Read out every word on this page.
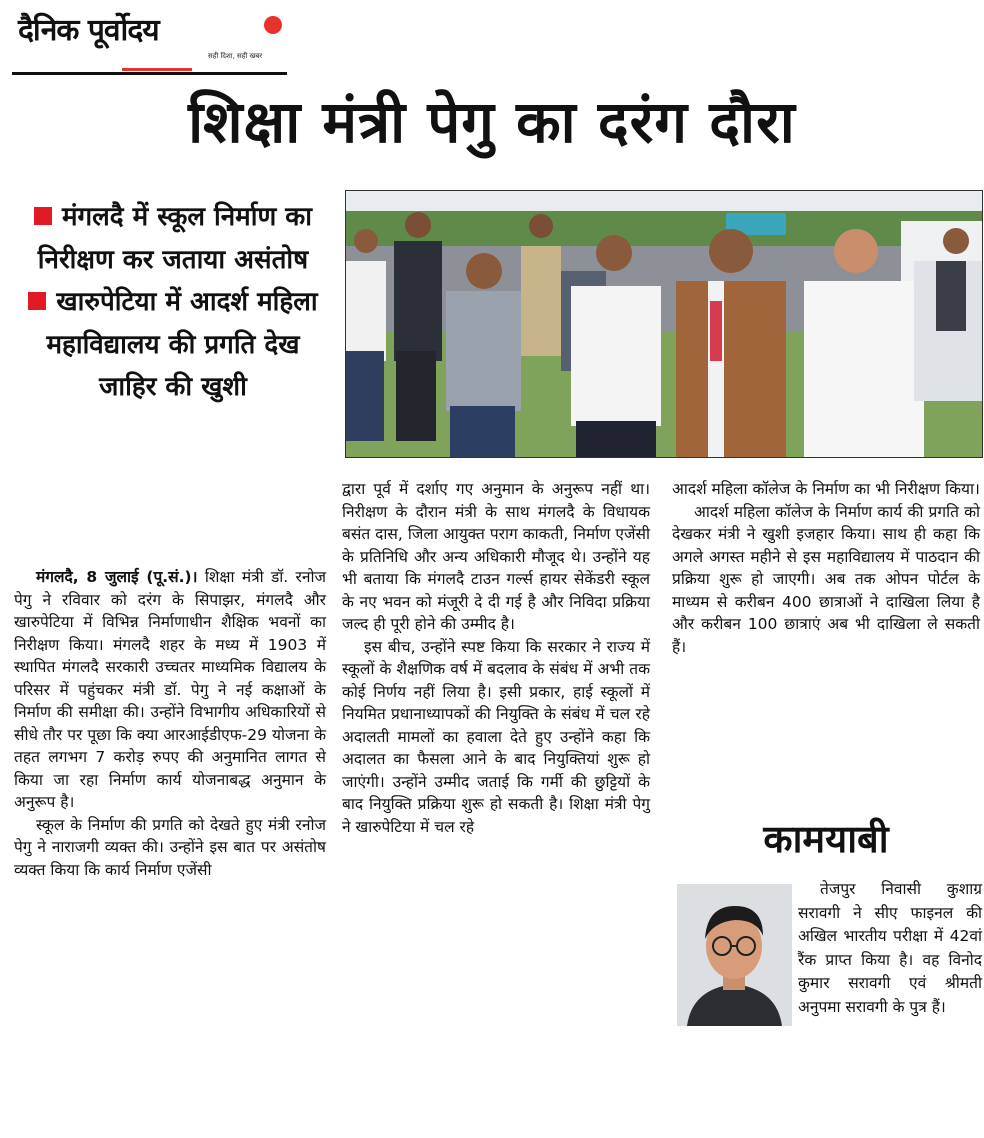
दैनिक पूर्वोदय
सही दिशा, सही खबर
शिक्षा मंत्री पेगु का दरंग दौरा

मंगलदै में स्कूल निर्माण का निरीक्षण कर जताया असंतोष

खारुपेटिया में आदर्श महिला महाविद्यालय की प्रगति देख जाहिर की खुशी

मंगलदै, 8 जुलाई (पू.सं.)। शिक्षा मंत्री डॉ. रनोज पेगु ने रविवार को दरंग के सिपाझर, मंगलदै और खारुपेटिया में विभिन्न निर्माणाधीन शैक्षिक भवनों का निरीक्षण किया। मंगलदै शहर के मध्य में 1903 में स्थापित मंगलदै सरकारी उच्चतर माध्यमिक विद्यालय के परिसर में पहुंचकर मंत्री डॉ. पेगु ने नई कक्षाओं के निर्माण की समीक्षा की। उन्होंने विभागीय अधिकारियों से सीधे तौर पर पूछा कि क्या आरआईडीएफ-29 योजना के तहत लगभग 7 करोड़ रुपए की अनुमानित लागत से किया जा रहा निर्माण कार्य योजनाबद्ध अनुमान के अनुरूप है।

स्कूल के निर्माण की प्रगति को देखते हुए मंत्री रनोज पेगु ने नाराजगी व्यक्त की। उन्होंने इस बात पर असंतोष व्यक्त किया कि कार्य निर्माण एजेंसी

द्वारा पूर्व में दर्शाए गए अनुमान के अनुरूप नहीं था। निरीक्षण के दौरान मंत्री के साथ मंगलदै के विधायक बसंत दास, जिला आयुक्त पराग काकती, निर्माण एजेंसी के प्रतिनिधि और अन्य अधिकारी मौजूद थे। उन्होंने यह भी बताया कि मंगलदै टाउन गर्ल्स हायर सेकेंडरी स्कूल के नए भवन को मंजूरी दे दी गई है और निविदा प्रक्रिया जल्द ही पूरी होने की उम्मीद है।

इस बीच, उन्होंने स्पष्ट किया कि सरकार ने राज्य में स्कूलों के शैक्षणिक वर्ष में बदलाव के संबंध में अभी तक कोई निर्णय नहीं लिया है। इसी प्रकार, हाई स्कूलों में नियमित प्रधानाध्यापकों की नियुक्ति के संबंध में चल रहे अदालती मामलों का हवाला देते हुए उन्होंने कहा कि अदालत का फैसला आने के बाद नियुक्तियां शुरू हो जाएंगी। उन्होंने उम्मीद जताई कि गर्मी की छुट्टियों के बाद नियुक्ति प्रक्रिया शुरू हो सकती है। शिक्षा मंत्री पेगु ने खारुपेटिया में चल रहे

आदर्श महिला कॉलेज के निर्माण का भी निरीक्षण किया।

आदर्श महिला कॉलेज के निर्माण कार्य की प्रगति को देखकर मंत्री ने खुशी इजहार किया। साथ ही कहा कि अगले अगस्त महीने से इस महाविद्यालय में पाठदान की प्रक्रिया शुरू हो जाएगी। अब तक ओपन पोर्टल के माध्यम से करीबन 400 छात्राओं ने दाखिला लिया है और करीबन 100 छात्राएं अब भी दाखिला ले सकती हैं।

कामयाबी

तेजपुर निवासी कुशाग्र सरावगी ने सीए फाइनल की अखिल भारतीय परीक्षा में 42वां रैंक प्राप्त किया है। वह विनोद कुमार सरावगी एवं श्रीमती अनुपमा सरावगी के पुत्र हैं।
